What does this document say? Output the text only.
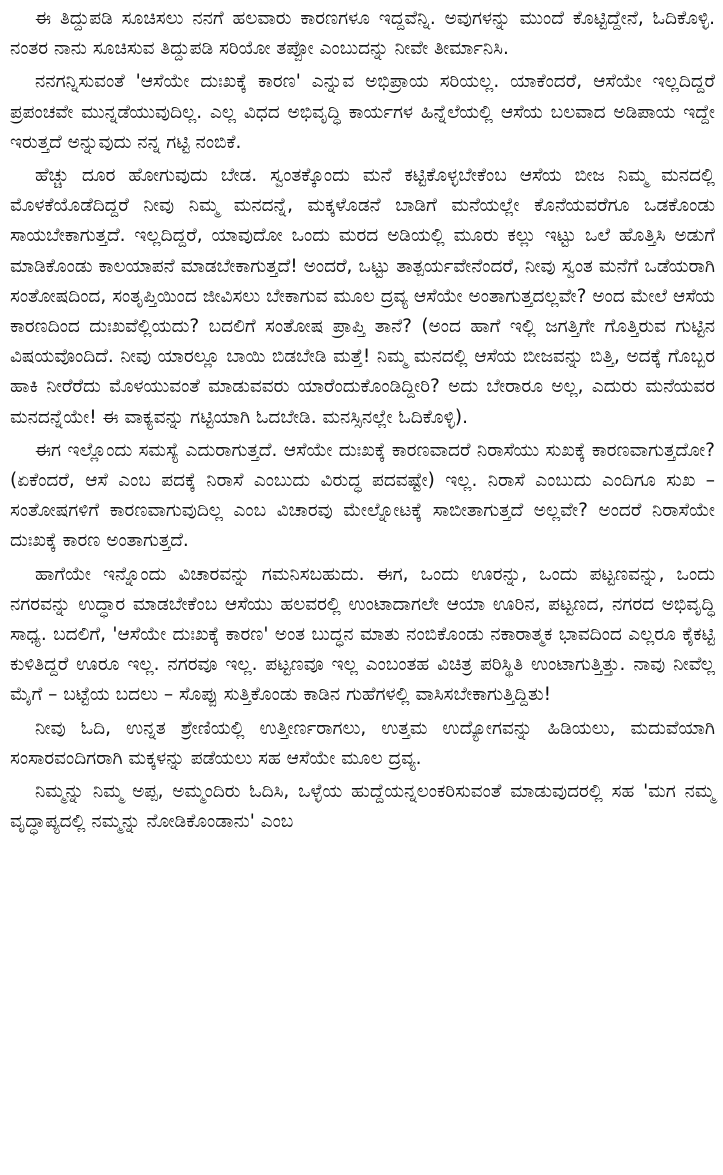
ಈ ತಿದ್ದುಪಡಿ ಸೂಚಿಸಲು ನನಗೆ ಹಲವಾರು ಕಾರಣಗಳೂ ಇದ್ದವೆನ್ನಿ. ಅವುಗಳನ್ನು ಮುಂದೆ ಕೊಟ್ಟಿದ್ದೇನೆ, ಓದಿಕೊಳ್ಳಿ. ನಂತರ ನಾನು ಸೂಚಿಸುವ ತಿದ್ದುಪಡಿ ಸರಿಯೋ ತಪ್ಪೋ ಎಂಬುದನ್ನು ನೀವೇ ತೀರ್ಮಾನಿಸಿ.

ನನಗನ್ನಿಸುವಂತೆ 'ಆಸೆಯೇ ದುಃಖಕ್ಕೆ ಕಾರಣ' ಎನ್ನುವ ಅಭಿಪ್ರಾಯ ಸರಿಯಲ್ಲ. ಯಾಕೆಂದರೆ, ಆಸೆಯೇ ಇಲ್ಲದಿದ್ದರೆ ಪ್ರಪಂಚವೇ ಮುನ್ನಡೆಯುವುದಿಲ್ಲ. ಎಲ್ಲ ವಿಧದ ಅಭಿವೃದ್ಧಿ ಕಾರ್ಯಗಳ ಹಿನ್ನೆಲೆಯಲ್ಲಿ ಆಸೆಯ ಬಲವಾದ ಅಡಿಪಾಯ ಇದ್ದೇ ಇರುತ್ತದೆ ಅನ್ನುವುದು ನನ್ನ ಗಟ್ಟಿ ನಂಬಿಕೆ.

ಹೆಚ್ಚು ದೂರ ಹೋಗುವುದು ಬೇಡ. ಸ್ವಂತಕ್ಕೊಂದು ಮನೆ ಕಟ್ಟಿಕೊಳ್ಳಬೇಕೆಂಬ ಆಸೆಯ ಬೀಜ ನಿಮ್ಮ ಮನದಲ್ಲಿ ಮೊಳಕೆಯೊಡೆದಿದ್ದರೆ ನೀವು ನಿಮ್ಮ ಮನದನ್ನೆ, ಮಕ್ಕಳೊಡನೆ ಬಾಡಿಗೆ ಮನೆಯಲ್ಲೇ ಕೊನೆಯವರೆಗೂ ಒಡಕೊಂಡು ಸಾಯಬೇಕಾಗುತ್ತದೆ. ಇಲ್ಲದಿದ್ದರೆ, ಯಾವುದೋ ಒಂದು ಮರದ ಅಡಿಯಲ್ಲಿ ಮೂರು ಕಲ್ಲು ಇಟ್ಟು ಒಲೆ ಹೊತ್ತಿಸಿ ಅಡುಗೆ ಮಾಡಿಕೊಂಡು ಕಾಲಯಾಪನೆ ಮಾಡಬೇಕಾಗುತ್ತದೆ! ಅಂದರೆ, ಒಟ್ಟು ತಾತ್ಪರ್ಯವೇನೆಂದರೆ, ನೀವು ಸ್ವಂತ ಮನೆಗೆ ಒಡೆಯರಾಗಿ ಸಂತೋಷದಿಂದ, ಸಂತೃಪ್ತಿಯಿಂದ ಜೀವಿಸಲು ಬೇಕಾಗುವ ಮೂಲ ದ್ರವ್ಯ ಆಸೆಯೇ ಅಂತಾಗುತ್ತದಲ್ಲವೇ? ಅಂದ ಮೇಲೆ ಆಸೆಯ ಕಾರಣದಿಂದ ದುಃಖವೆಲ್ಲಿಯದು? ಬದಲಿಗೆ ಸಂತೋಷ ಪ್ರಾಪ್ತಿ ತಾನೆ? (ಅಂದ ಹಾಗೆ ಇಲ್ಲಿ ಜಗತ್ತಿಗೇ ಗೊತ್ತಿರುವ ಗುಟ್ಟಿನ ವಿಷಯವೊಂದಿದೆ. ನೀವು ಯಾರಲ್ಲೂ ಬಾಯಿ ಬಿಡಬೇಡಿ ಮತ್ತೆ! ನಿಮ್ಮ ಮನದಲ್ಲಿ ಆಸೆಯ ಬೀಜವನ್ನು ಬಿತ್ತಿ, ಅದಕ್ಕೆ ಗೊಬ್ಬರ ಹಾಕಿ ನೀರೆರೆದು ಮೊಳಯುವಂತೆ ಮಾಡುವವರು ಯಾರೆಂದುಕೊಂಡಿದ್ದೀರಿ? ಅದು ಬೇರಾರೂ ಅಲ್ಲ, ಎದುರು ಮನೆಯವರ ಮನದನ್ನೆಯೇ! ಈ ವಾಕ್ಯವನ್ನು ಗಟ್ಟಿಯಾಗಿ ಓದಬೇಡಿ. ಮನಸ್ಸಿನಲ್ಲೇ ಓದಿಕೊಳ್ಳಿ).

ಈಗ ಇಲ್ಲೊಂದು ಸಮಸ್ಯೆ ಎದುರಾಗುತ್ತದೆ. ಆಸೆಯೇ ದುಃಖಕ್ಕೆ ಕಾರಣವಾದರೆ ನಿರಾಸೆಯು ಸುಖಕ್ಕೆ ಕಾರಣವಾಗುತ್ತದೋ? (ಏಕೆಂದರೆ, ಆಸೆ ಎಂಬ ಪದಕ್ಕೆ ನಿರಾಸೆ ಎಂಬುದು ವಿರುದ್ಧ ಪದವಷ್ಟೇ) ಇಲ್ಲ. ನಿರಾಸೆ ಎಂಬುದು ಎಂದಿಗೂ ಸುಖ – ಸಂತೋಷಗಳಿಗೆ ಕಾರಣವಾಗುವುದಿಲ್ಲ ಎಂಬ ವಿಚಾರವು ಮೇಲ್ನೋಟಕ್ಕೆ ಸಾಬೀತಾಗುತ್ತದೆ ಅಲ್ಲವೇ? ಅಂದರೆ ನಿರಾಸೆಯೇ ದುಃಖಕ್ಕೆ ಕಾರಣ ಅಂತಾಗುತ್ತದೆ.

ಹಾಗೆಯೇ ಇನ್ನೊಂದು ವಿಚಾರವನ್ನು ಗಮನಿಸಬಹುದು. ಈಗ, ಒಂದು ಊರನ್ನು, ಒಂದು ಪಟ್ಟಣವನ್ನು, ಒಂದು ನಗರವನ್ನು ಉದ್ಧಾರ ಮಾಡಬೇಕೆಂಬ ಆಸೆಯು ಹಲವರಲ್ಲಿ ಉಂಟಾದಾಗಲೇ ಆಯಾ ಊರಿನ, ಪಟ್ಟಣದ, ನಗರದ ಅಭಿವೃದ್ಧಿ ಸಾಧ್ಯ. ಬದಲಿಗೆ, 'ಆಸೆಯೇ ದುಃಖಕ್ಕೆ ಕಾರಣ' ಅಂತ ಬುದ್ಧನ ಮಾತು ನಂಬಿಕೊಂಡು ನಕಾರಾತ್ಮಕ ಭಾವದಿಂದ ಎಲ್ಲರೂ ಕೈಕಟ್ಟಿ ಕುಳಿತಿದ್ದರೆ ಊರೂ ಇಲ್ಲ. ನಗರವೂ ಇಲ್ಲ. ಪಟ್ಟಣವೂ ಇಲ್ಲ ಎಂಬಂತಹ ವಿಚಿತ್ರ ಪರಿಸ್ಥಿತಿ ಉಂಟಾಗುತ್ತಿತ್ತು. ನಾವು ನೀವೆಲ್ಲ ಮೈಗೆ – ಬಟ್ಟೆಯ ಬದಲು – ಸೊಪ್ಪು ಸುತ್ತಿಕೊಂಡು ಕಾಡಿನ ಗುಹೆಗಳಲ್ಲಿ ವಾಸಿಸಬೇಕಾಗುತ್ತಿದ್ದಿತು!

ನೀವು ಓದಿ, ಉನ್ನತ ಶ್ರೇಣಿಯಲ್ಲಿ ಉತ್ತೀರ್ಣರಾಗಲು, ಉತ್ತಮ ಉದ್ಯೋಗವನ್ನು ಹಿಡಿಯಲು, ಮದುವೆಯಾಗಿ ಸಂಸಾರವಂದಿಗರಾಗಿ ಮಕ್ಕಳನ್ನು ಪಡೆಯಲು ಸಹ ಆಸೆಯೇ ಮೂಲ ದ್ರವ್ಯ.

ನಿಮ್ಮನ್ನು ನಿಮ್ಮ ಅಪ್ಪ, ಅಮ್ಮಂದಿರು ಓದಿಸಿ, ಒಳ್ಳೆಯ ಹುದ್ದೆಯನ್ನಲಂಕರಿಸುವಂತೆ ಮಾಡುವುದರಲ್ಲಿ ಸಹ 'ಮಗ ನಮ್ಮ ವೃದ್ಧಾಪ್ಯದಲ್ಲಿ ನಮ್ಮನ್ನು ನೋಡಿಕೊಂಡಾನು' ಎಂಬ
